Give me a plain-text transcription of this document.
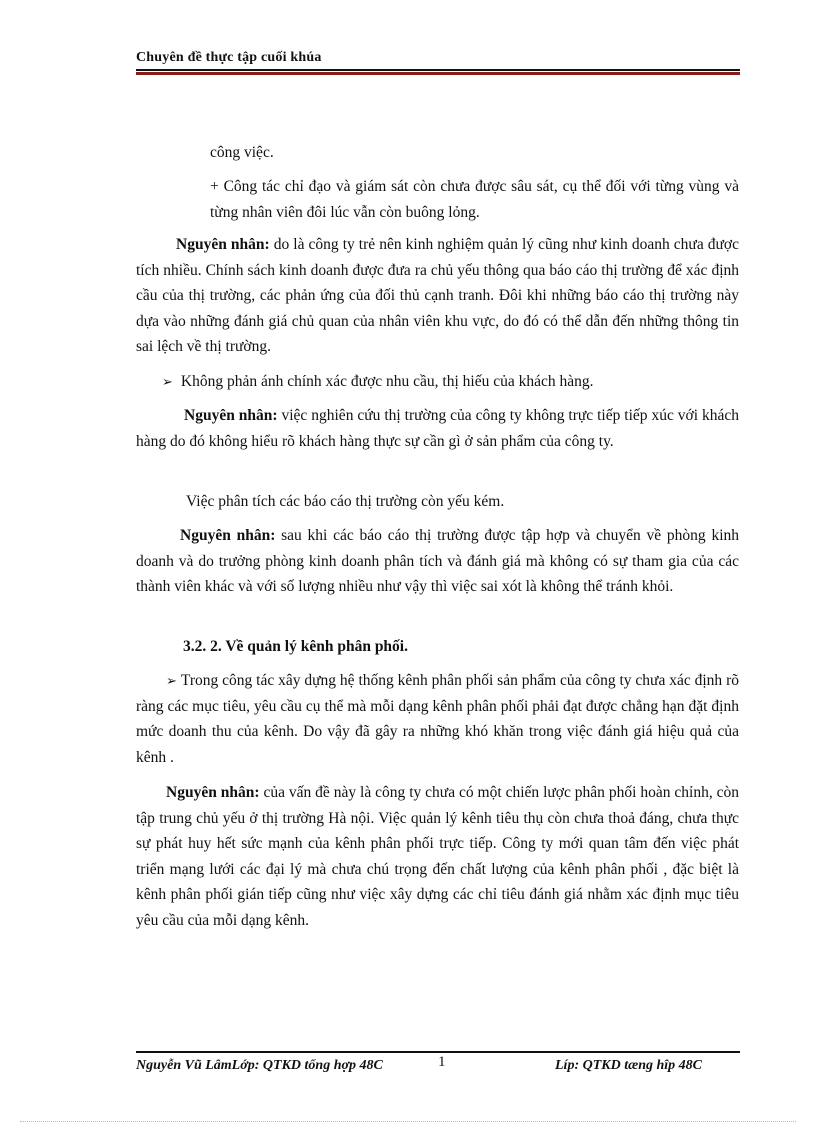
Chuyên đề thực tập cuối khúa
công việc.
+ Công tác chỉ đạo và giám sát còn chưa được sâu sát, cụ thể đối với từng vùng và từng nhân viên đôi lúc vẫn còn buông lỏng.
Nguyên nhân: do là công ty trẻ nên kinh nghiệm quản lý cũng như kinh doanh chưa được tích nhiều. Chính sách kinh doanh được đưa ra chủ yếu thông qua báo cáo thị trường để xác định cầu của thị trường, các phản ứng của đối thủ cạnh tranh. Đôi khi những báo cáo thị trường này dựa vào những đánh giá chủ quan của nhân viên khu vực, do đó có thể dẫn đến những thông tin sai lệch về thị trường.
➢ Không phản ánh chính xác được nhu cầu, thị hiếu của khách hàng.
Nguyên nhân: việc nghiên cứu thị trường của công ty không trực tiếp tiếp xúc với khách hàng do đó không hiểu rõ khách hàng thực sự cần gì ở sản phẩm của công ty.
Việc phân tích các báo cáo thị trường còn yếu kém.
Nguyên nhân: sau khi các báo cáo thị trường được tập hợp và chuyển về phòng kinh doanh và do trưởng phòng kinh doanh phân tích và đánh giá mà không có sự tham gia của các thành viên khác và với số lượng nhiều như vậy thì việc sai xót là không thể tránh khỏi.
3.2. 2. Về quản lý kênh phân phối.
➢ Trong công tác xây dựng hệ thống kênh phân phối sản phẩm của công ty chưa xác định rõ ràng các mục tiêu, yêu cầu cụ thể mà mỗi dạng kênh phân phối phải đạt được chẳng hạn đặt định mức doanh thu của kênh. Do vậy đã gây ra những khó khăn trong việc đánh giá hiệu quả của kênh .
Nguyên nhân: của vấn đề này là công ty chưa có một chiến lược phân phối hoàn chỉnh, còn tập trung chủ yếu ở thị trường Hà nội. Việc quản lý kênh tiêu thụ còn chưa thoả đáng, chưa thực sự phát huy hết sức mạnh của kênh phân phối trực tiếp. Công ty mới quan tâm đến việc phát triển mạng lưới các đại lý mà chưa chú trọng đến chất lượng của kênh phân phối , đặc biệt là kênh phân phối gián tiếp cũng như việc xây dựng các chỉ tiêu đánh giá nhằm xác định mục tiêu yêu cầu của mỗi dạng kênh.
Nguyễn Vũ LâmLớp: QTKD tổng hợp 48C	1	Líp: QTKD tæng hîp 48C
